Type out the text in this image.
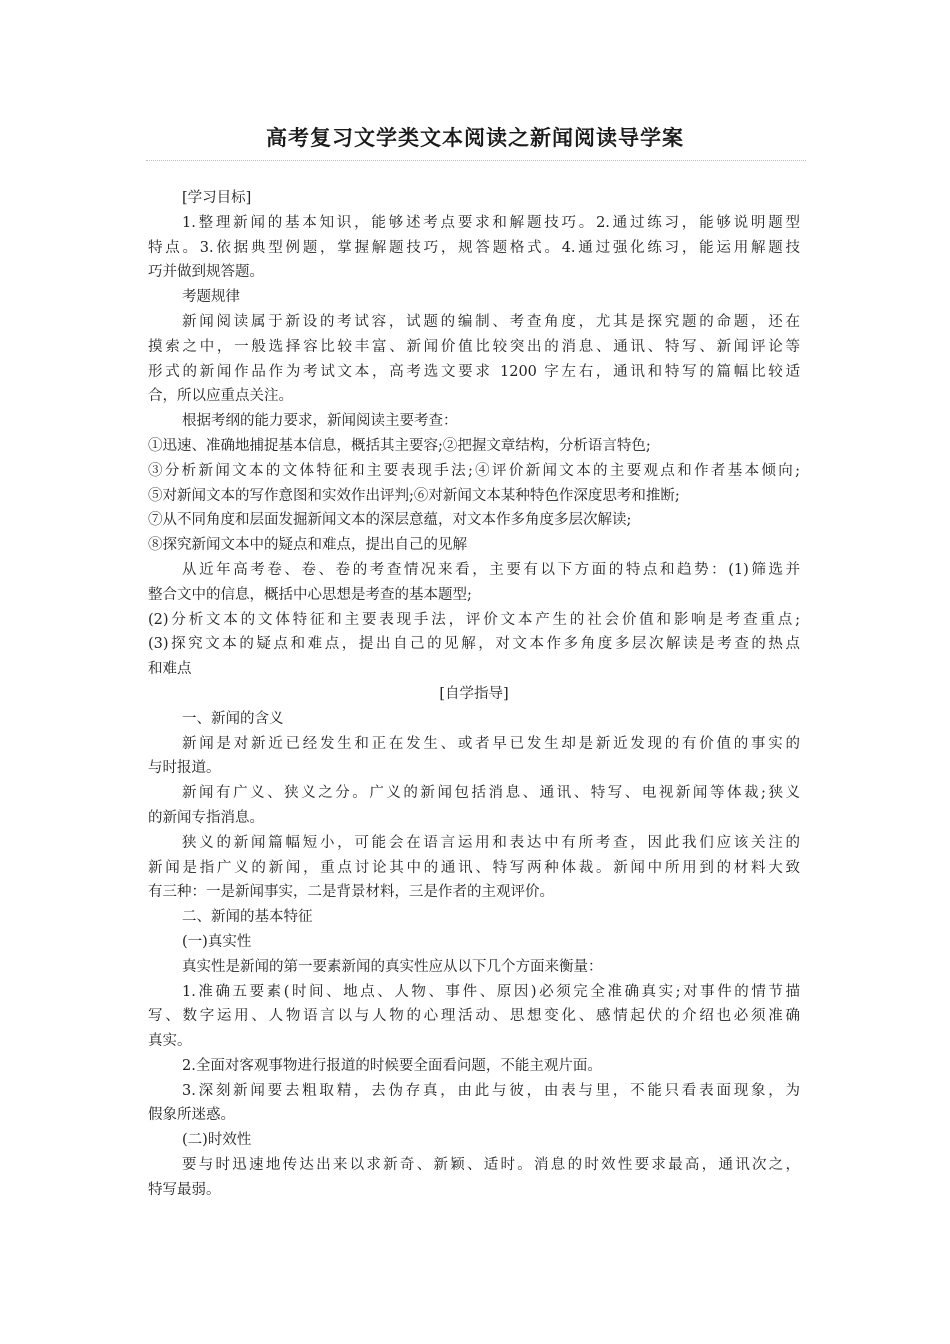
高考复习文学类文本阅读之新闻阅读导学案

[学习目标]

1.整理新闻的基本知识，能够述考点要求和解题技巧。2.通过练习，能够说明题型

特点。3.依据典型例题，掌握解题技巧，规答题格式。4.通过强化练习，能运用解题技

巧并做到规答题。

考题规律

新闻阅读属于新设的考试容，试题的编制、考查角度，尤其是探究题的命题，还在

摸索之中，一般选择容比较丰富、新闻价值比较突出的消息、通讯、特写、新闻评论等

形式的新闻作品作为考试文本，高考选文要求 1200 字左右，通讯和特写的篇幅比较适

合，所以应重点关注。

根据考纲的能力要求，新闻阅读主要考查：

①迅速、准确地捕捉基本信息，概括其主要容;②把握文章结构，分析语言特色;

③分析新闻文本的文体特征和主要表现手法;④评价新闻文本的主要观点和作者基本倾向;

⑤对新闻文本的写作意图和实效作出评判;⑥对新闻文本某种特色作深度思考和推断;

⑦从不同角度和层面发掘新闻文本的深层意蕴，对文本作多角度多层次解读;

⑧探究新闻文本中的疑点和难点，提出自己的见解

从近年高考卷、卷、卷的考查情况来看，主要有以下方面的特点和趋势：(1)筛选并

整合文中的信息，概括中心思想是考查的基本题型;

(2)分析文本的文体特征和主要表现手法，评价文本产生的社会价值和影响是考查重点;

(3)探究文本的疑点和难点，提出自己的见解，对文本作多角度多层次解读是考查的热点

和难点

[自学指导]

一、新闻的含义

新闻是对新近已经发生和正在发生、或者早已发生却是新近发现的有价值的事实的

与时报道。

新闻有广义、狭义之分。广义的新闻包括消息、通讯、特写、电视新闻等体裁;狭义

的新闻专指消息。

狭义的新闻篇幅短小，可能会在语言运用和表达中有所考查，因此我们应该关注的

新闻是指广义的新闻，重点讨论其中的通讯、特写两种体裁。新闻中所用到的材料大致

有三种：一是新闻事实，二是背景材料，三是作者的主观评价。

二、新闻的基本特征

(一)真实性

真实性是新闻的第一要素新闻的真实性应从以下几个方面来衡量：

1.准确五要素(时间、地点、人物、事件、原因)必须完全准确真实;对事件的情节描

写、数字运用、人物语言以与人物的心理活动、思想变化、感情起伏的介绍也必须准确

真实。

2.全面对客观事物进行报道的时候要全面看问题，不能主观片面。

3.深刻新闻要去粗取精，去伪存真，由此与彼，由表与里，不能只看表面现象，为

假象所迷惑。

(二)时效性

要与时迅速地传达出来以求新奇、新颖、适时。消息的时效性要求最高，通讯次之，

特写最弱。
